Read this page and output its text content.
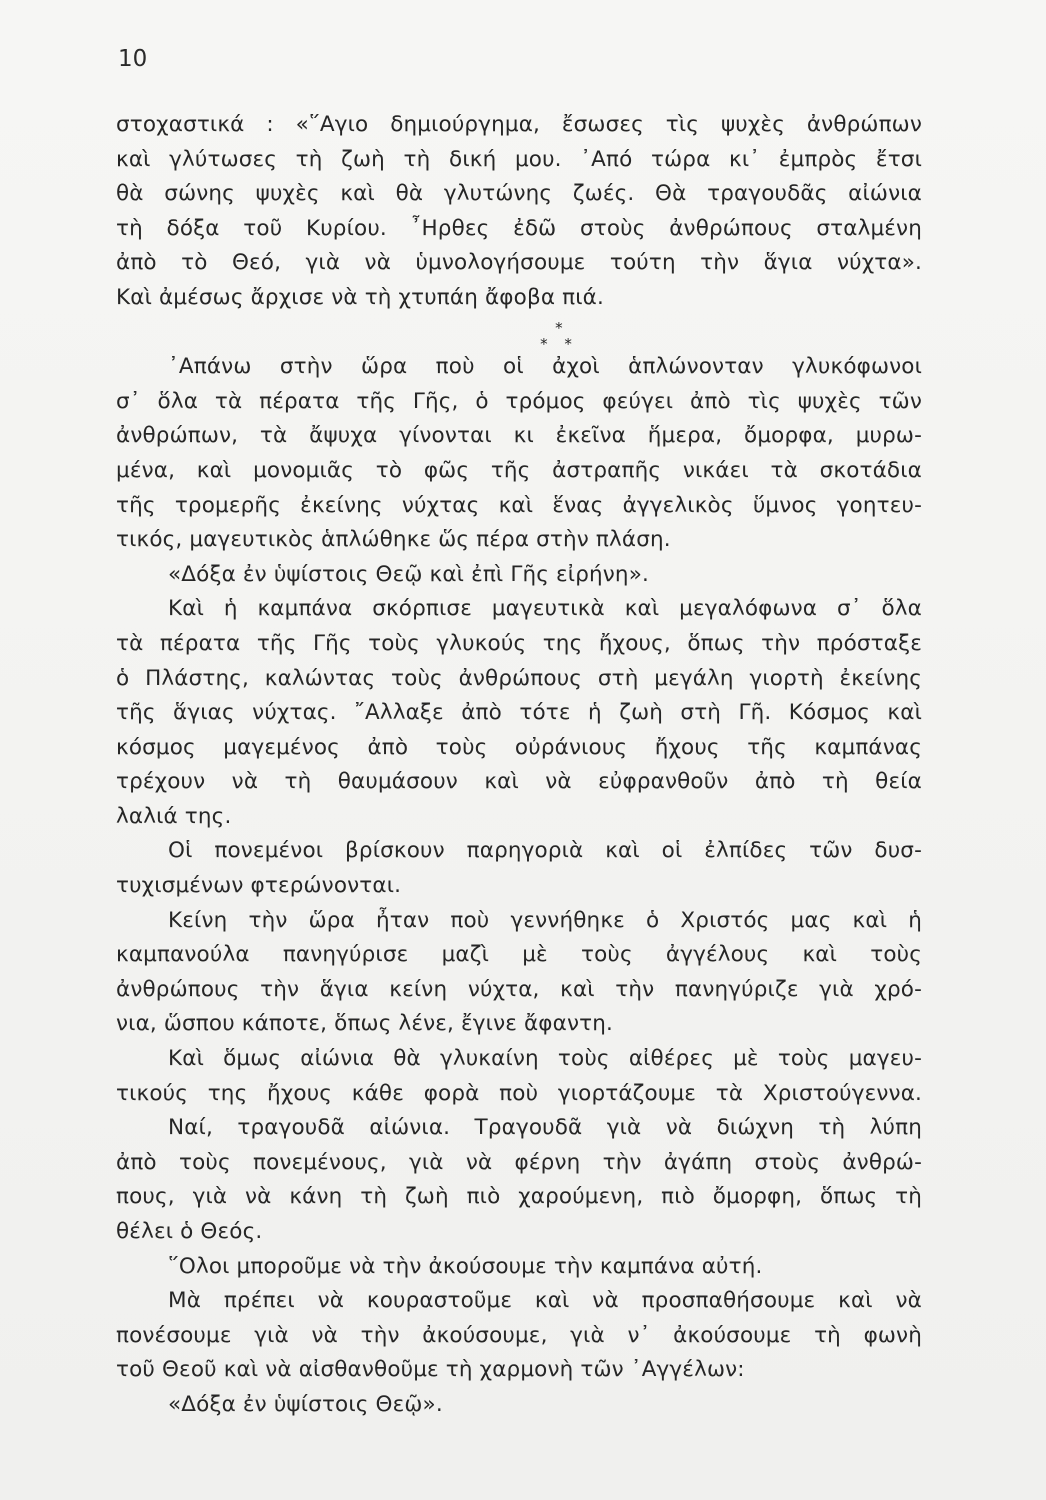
10
στοχαστικά : «῞Αγιο δημιούργημα, ἔσωσες τὶς ψυχὲς ἀνθρώπων
καὶ γλύτωσες τὴ ζωὴ τὴ δική μου. ᾿Από τώρα κι᾿ ἐμπρὸς ἔτσι
θὰ σώνης ψυχὲς καὶ θὰ γλυτώνης ζωές. Θὰ τραγουδᾶς αἰώνια
τὴ δόξα τοῦ Κυρίου. ῏Ηρθες ἐδῶ στοὺς ἀνθρώπους σταλμένη
ἀπὸ τὸ Θεό, γιὰ νὰ ὑμνολογήσουμε τούτη τὴν ἅγια νύχτα».
Καὶ ἀμέσως ἄρχισε νὰ τὴ χτυπάη ἄφοβα πιά.
*
* *
᾿Απάνω στὴν ὥρα ποὺ οἱ ἀχοὶ ἁπλώνονταν γλυκόφωνοι
σ᾿ ὅλα τὰ πέρατα τῆς Γῆς, ὁ τρόμος φεύγει ἀπὸ τὶς ψυχὲς τῶν
ἀνθρώπων, τὰ ἄψυχα γίνονται κι ἐκεῖνα ἥμερα, ὄμορφα, μυρω-
μένα, καὶ μονομιᾶς τὸ φῶς τῆς ἀστραπῆς νικάει τὰ σκοτάδια
τῆς τρομερῆς ἐκείνης νύχτας καὶ ἕνας ἀγγελικὸς ὕμνος γοητευ-
τικός, μαγευτικὸς ἁπλώθηκε ὥς πέρα στὴν πλάση.
«Δόξα ἐν ὑψίστοις Θεῷ καὶ ἐπὶ Γῆς εἰρήνη».
Καὶ ἡ καμπάνα σκόρπισε μαγευτικὰ καὶ μεγαλόφωνα σ᾿ ὅλα
τὰ πέρατα τῆς Γῆς τοὺς γλυκούς της ἤχους, ὅπως τὴν πρόσταξε
ὁ Πλάστης, καλώντας τοὺς ἀνθρώπους στὴ μεγάλη γιορτὴ ἐκείνης
τῆς ἅγιας νύχτας. ῎Αλλαξε ἀπὸ τότε ἡ ζωὴ στὴ Γῆ. Κόσμος καὶ
κόσμος μαγεμένος ἀπὸ τοὺς οὐράνιους ἤχους τῆς καμπάνας
τρέχουν νὰ τὴ θαυμάσουν καὶ νὰ εὐφρανθοῦν ἀπὸ τὴ θεία
λαλιά της.
Οἱ πονεμένοι βρίσκουν παρηγοριὰ καὶ οἱ ἐλπίδες τῶν δυσ-
τυχισμένων φτερώνονται.
Κείνη τὴν ὥρα ἦταν ποὺ γεννήθηκε ὁ Χριστός μας καὶ ἡ
καμπανούλα πανηγύρισε μαζὶ μὲ τοὺς ἀγγέλους καὶ τοὺς
ἀνθρώπους τὴν ἅγια κείνη νύχτα, καὶ τὴν πανηγύριζε γιὰ χρό-
νια, ὥσπου κάποτε, ὅπως λένε, ἔγινε ἄφαντη.
Καὶ ὅμως αἰώνια θὰ γλυκαίνη τοὺς αἰθέρες μὲ τοὺς μαγευ-
τικούς της ἤχους κάθε φορὰ ποὺ γιορτάζουμε τὰ Χριστούγεννα.
Ναί, τραγουδᾶ αἰώνια. Τραγουδᾶ γιὰ νὰ διώχνη τὴ λύπη
ἀπὸ τοὺς πονεμένους, γιὰ νὰ φέρνη τὴν ἀγάπη στοὺς ἀνθρώ-
πους, γιὰ νὰ κάνη τὴ ζωὴ πιὸ χαρούμενη, πιὸ ὄμορφη, ὅπως τὴ
θέλει ὁ Θεός.
῞Ολοι μποροῦμε νὰ τὴν ἀκούσουμε τὴν καμπάνα αὐτή.
Μὰ πρέπει νὰ κουραστοῦμε καὶ νὰ προσπαθήσουμε καὶ νὰ
πονέσουμε γιὰ νὰ τὴν ἀκούσουμε, γιὰ ν᾿ ἀκούσουμε τὴ φωνὴ
τοῦ Θεοῦ καὶ νὰ αἰσθανθοῦμε τὴ χαρμονὴ τῶν ᾿Αγγέλων:
«Δόξα ἐν ὑψίστοις Θεῷ».
